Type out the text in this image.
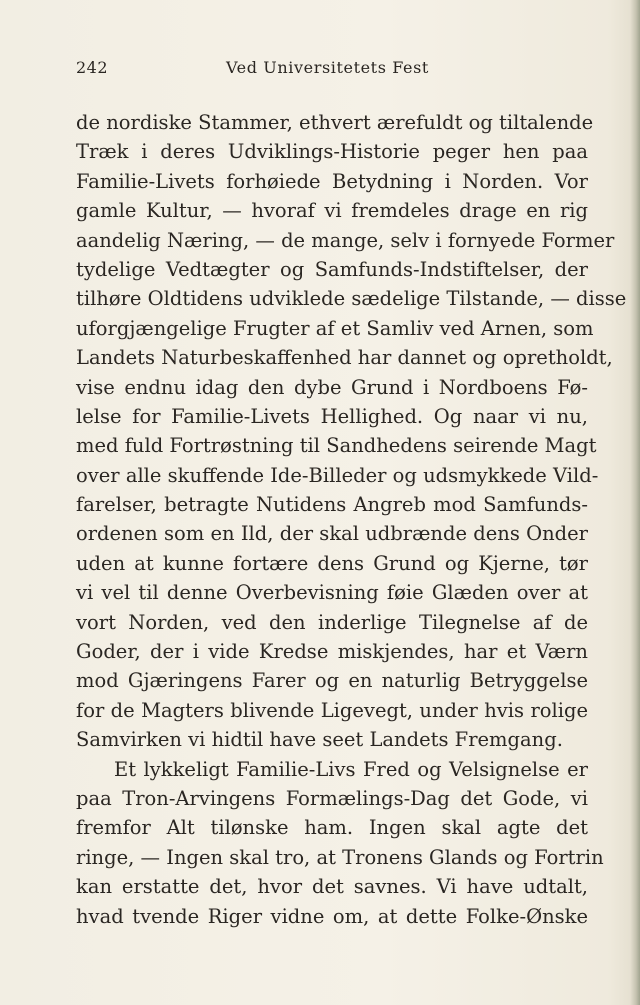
242	Ved Universitetets Fest
de nordiske Stammer, ethvert ærefuldt og tiltalende
Træk i deres Udviklings-Historie peger hen paa
Familie-Livets forhøiede Betydning i Norden. Vor
gamle Kultur, — hvoraf vi fremdeles drage en rig
aandelig Næring, — de mange, selv i fornyede Former
tydelige Vedtægter og Samfunds-Indstiftelser, der
tilhøre Oldtidens udviklede sædelige Tilstande, — disse
uforgjængelige Frugter af et Samliv ved Arnen, som
Landets Naturbeskaffenhed har dannet og opretholdt,
vise endnu idag den dybe Grund i Nordboens Fø-
lelse for Familie-Livets Hellighed. Og naar vi nu,
med fuld Fortrøstning til Sandhedens seirende Magt
over alle skuffende Ide-Billeder og udsmykkede Vild-
farelser, betragte Nutidens Angreb mod Samfunds-
ordenen som en Ild, der skal udbrænde dens Onder
uden at kunne fortære dens Grund og Kjerne, tør
vi vel til denne Overbevisning føie Glæden over at
vort Norden, ved den inderlige Tilegnelse af de
Goder, der i vide Kredse miskjendes, har et Værn
mod Gjæringens Farer og en naturlig Betryggelse
for de Magters blivende Ligevegt, under hvis rolige
Samvirken vi hidtil have seet Landets Fremgang.
Et lykkeligt Familie-Livs Fred og Velsignelse er
paa Tron-Arvingens Formælings-Dag det Gode, vi
fremfor Alt tilønske ham. Ingen skal agte det
ringe, — Ingen skal tro, at Tronens Glands og Fortrin
kan erstatte det, hvor det savnes. Vi have udtalt,
hvad tvende Riger vidne om, at dette Folke-Ønske
